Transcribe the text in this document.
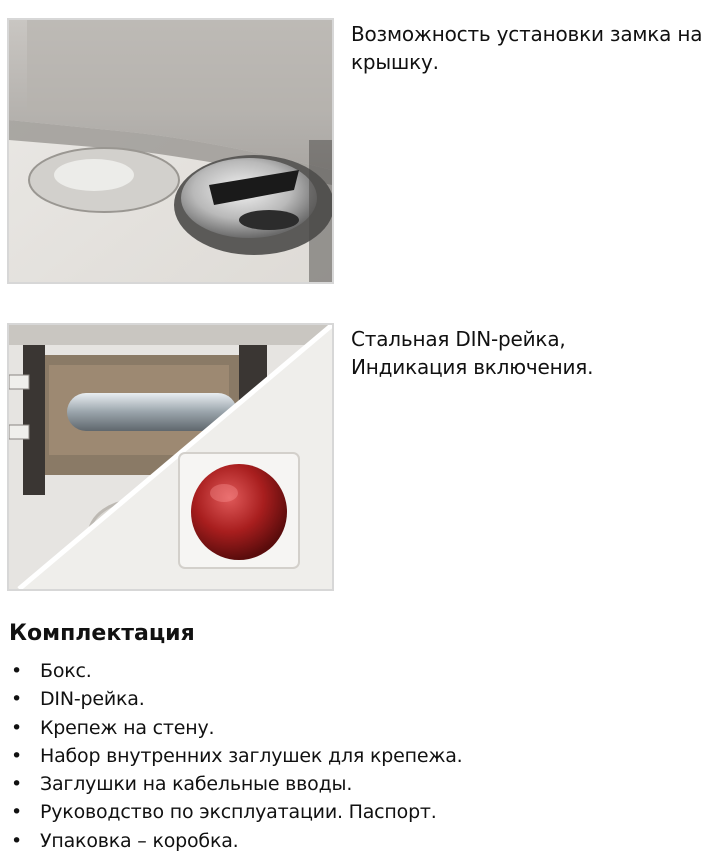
Возможность установки замка на

крышку.

Стальная DIN-рейка,

Индикация включения.

Комплектация
• Бокс.
• DIN-рейка.
• Крепеж на стену.
• Набор внутренних заглушек для крепежа.
• Заглушки на кабельные вводы.
• Руководство по эксплуатации. Паспорт.
• Упаковка – коробка.
